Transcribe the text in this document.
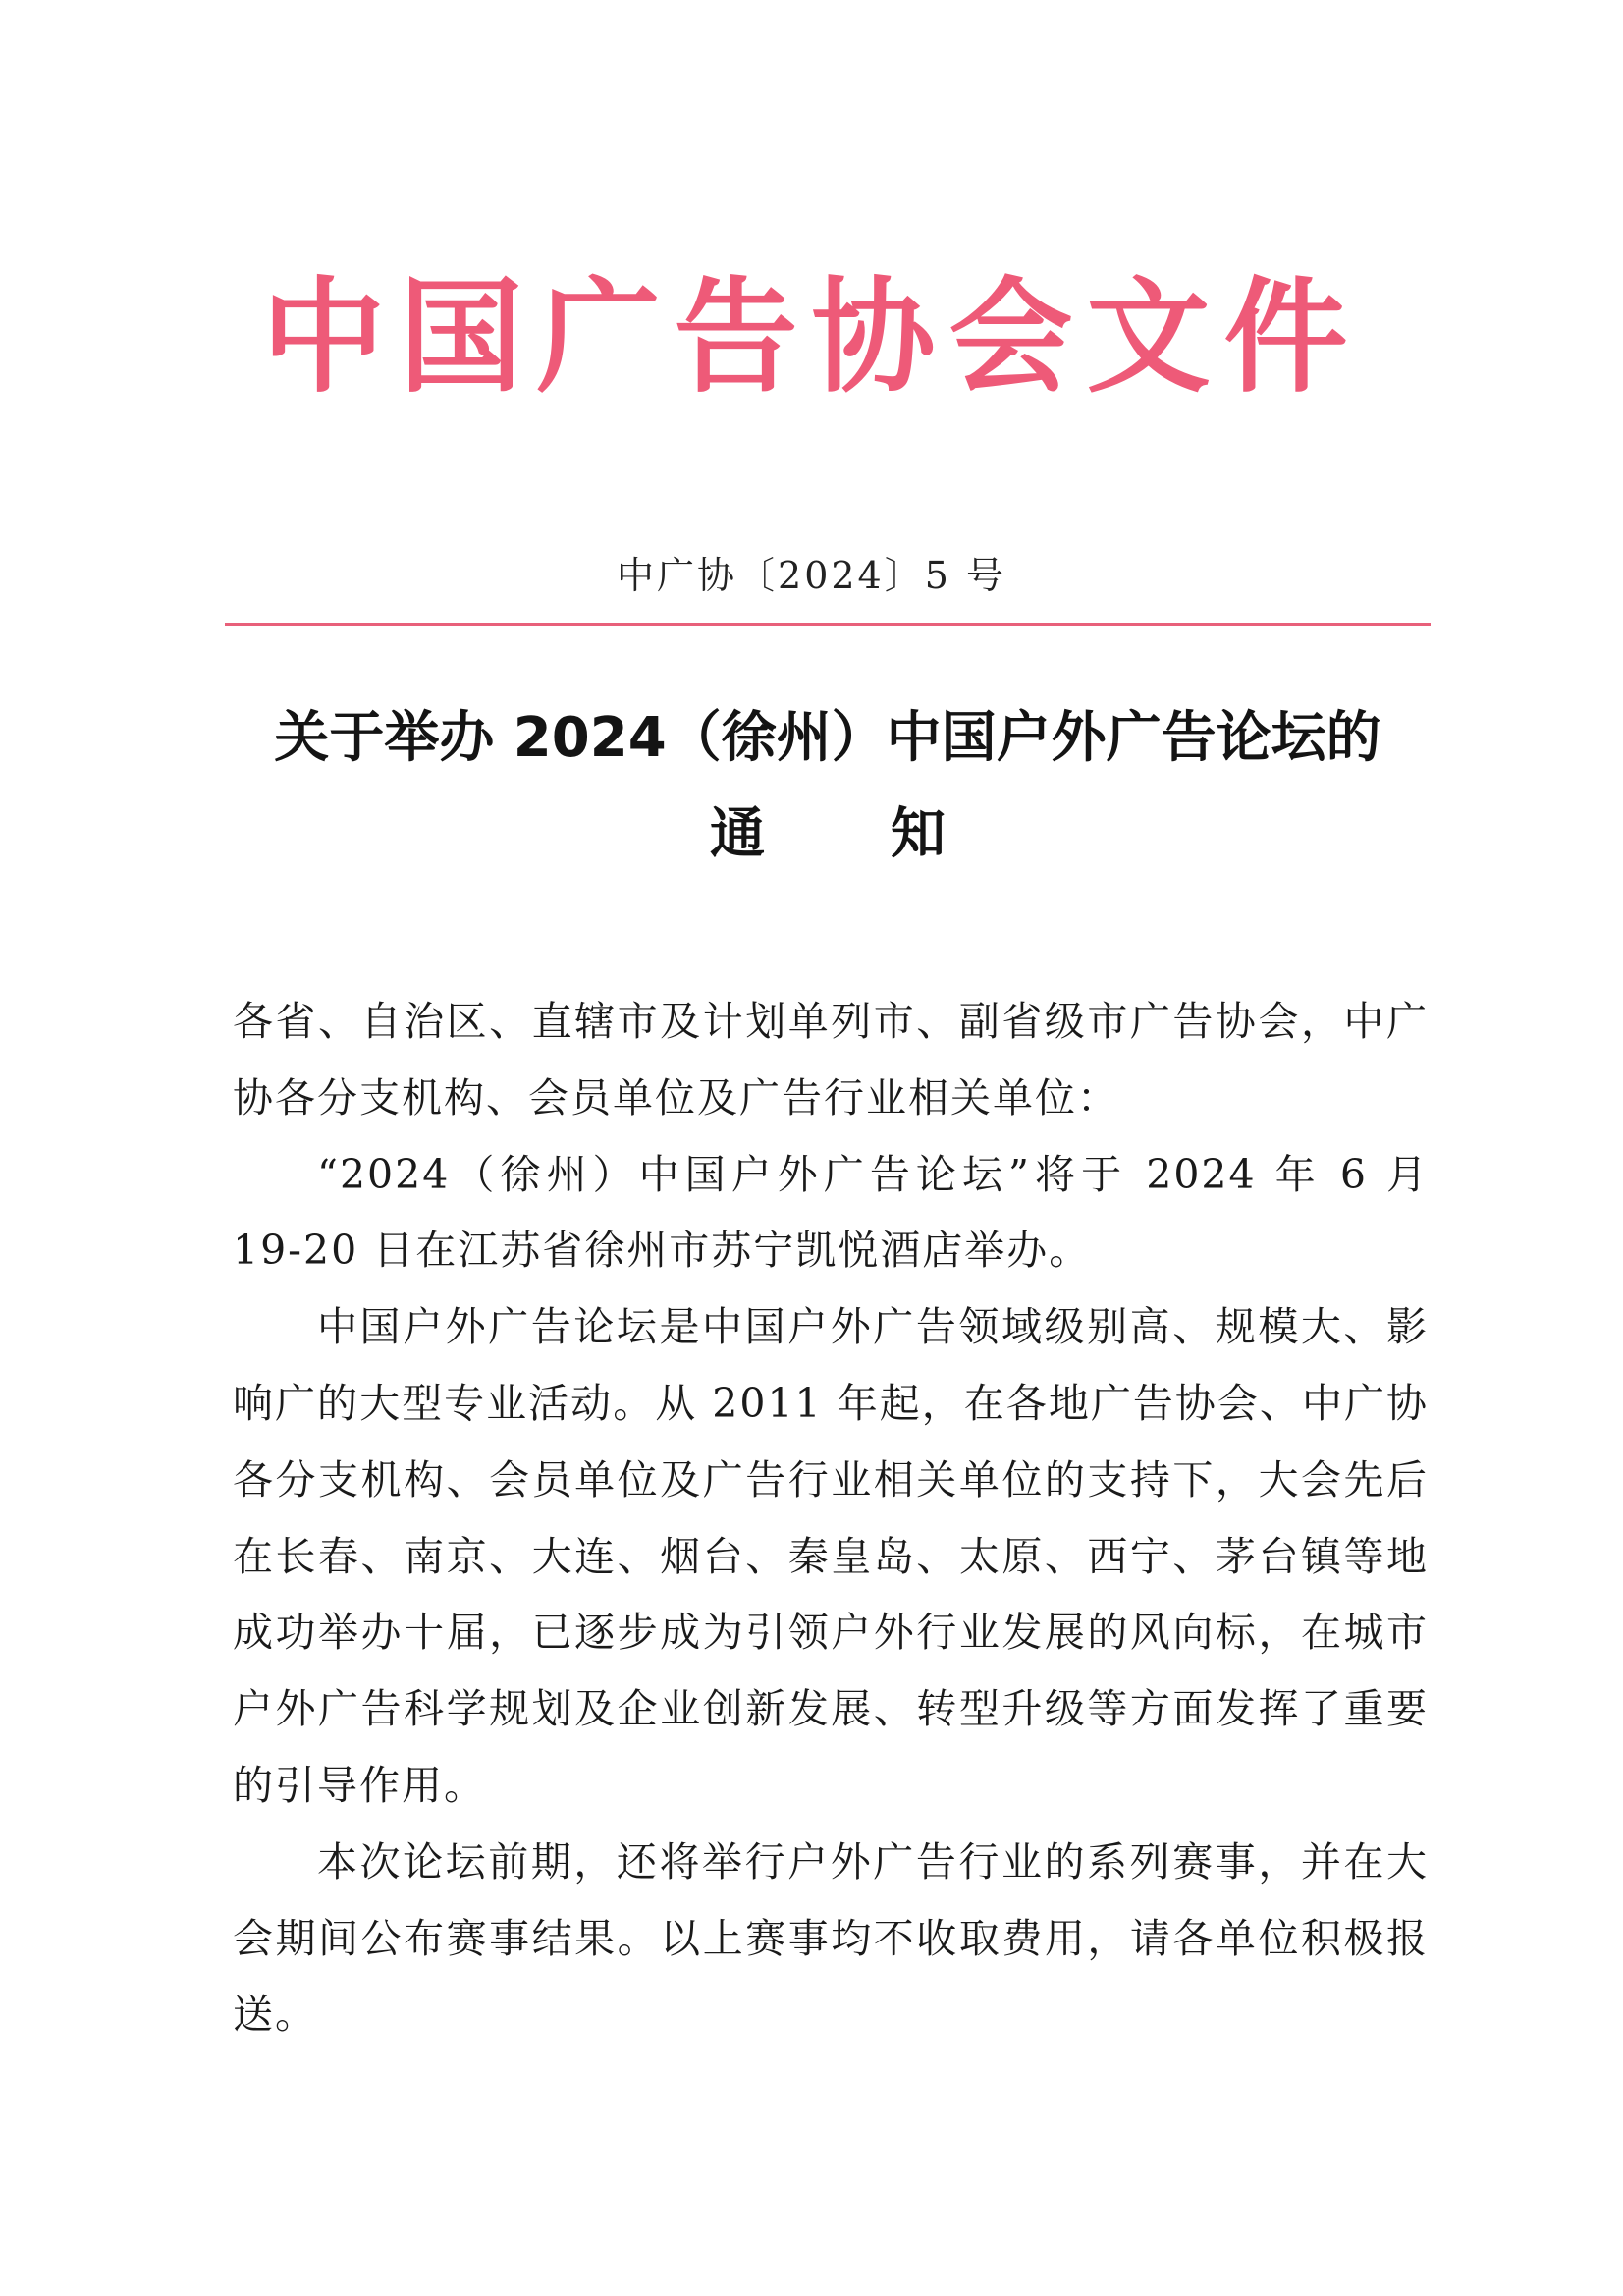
中国广告协会文件
中广协〔2024〕5 号
关于举办 2024（徐州）中国户外广告论坛的
通 知

各省、自治区、直辖市及计划单列市、副省级市广告协会，中广协各分支机构、会员单位及广告行业相关单位：

“2024（徐州）中国户外广告论坛”将于 2024 年 6 月 19-20 日在江苏省徐州市苏宁凯悦酒店举办。

中国户外广告论坛是中国户外广告领域级别高、规模大、影响广的大型专业活动。从 2011 年起，在各地广告协会、中广协各分支机构、会员单位及广告行业相关单位的支持下，大会先后在长春、南京、大连、烟台、秦皇岛、太原、西宁、茅台镇等地成功举办十届，已逐步成为引领户外行业发展的风向标，在城市户外广告科学规划及企业创新发展、转型升级等方面发挥了重要的引导作用。

本次论坛前期，还将举行户外广告行业的系列赛事，并在大会期间公布赛事结果。以上赛事均不收取费用，请各单位积极报送。
